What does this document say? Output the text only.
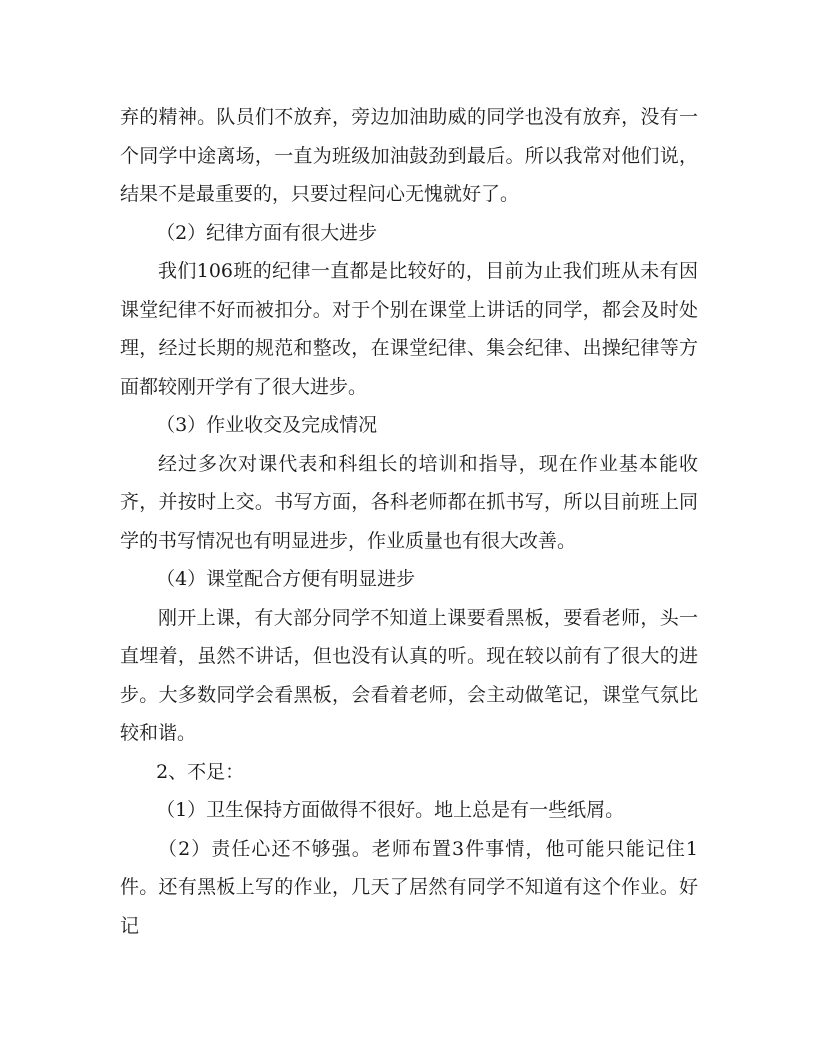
弃的精神。队员们不放弃，旁边加油助威的同学也没有放弃，没有一个同学中途离场，一直为班级加油鼓劲到最后。所以我常对他们说，结果不是最重要的，只要过程问心无愧就好了。

（2）纪律方面有很大进步

我们106班的纪律一直都是比较好的，目前为止我们班从未有因课堂纪律不好而被扣分。对于个别在课堂上讲话的同学，都会及时处理，经过长期的规范和整改，在课堂纪律、集会纪律、出操纪律等方面都较刚开学有了很大进步。

（3）作业收交及完成情况

经过多次对课代表和科组长的培训和指导，现在作业基本能收齐，并按时上交。书写方面，各科老师都在抓书写，所以目前班上同学的书写情况也有明显进步，作业质量也有很大改善。

（4）课堂配合方便有明显进步

刚开上课，有大部分同学不知道上课要看黑板，要看老师，头一直埋着，虽然不讲话，但也没有认真的听。现在较以前有了很大的进步。大多数同学会看黑板，会看着老师，会主动做笔记，课堂气氛比较和谐。

2、不足：

（1）卫生保持方面做得不很好。地上总是有一些纸屑。

（2）责任心还不够强。老师布置3件事情，他可能只能记住1件。还有黑板上写的作业，几天了居然有同学不知道有这个作业。好记
